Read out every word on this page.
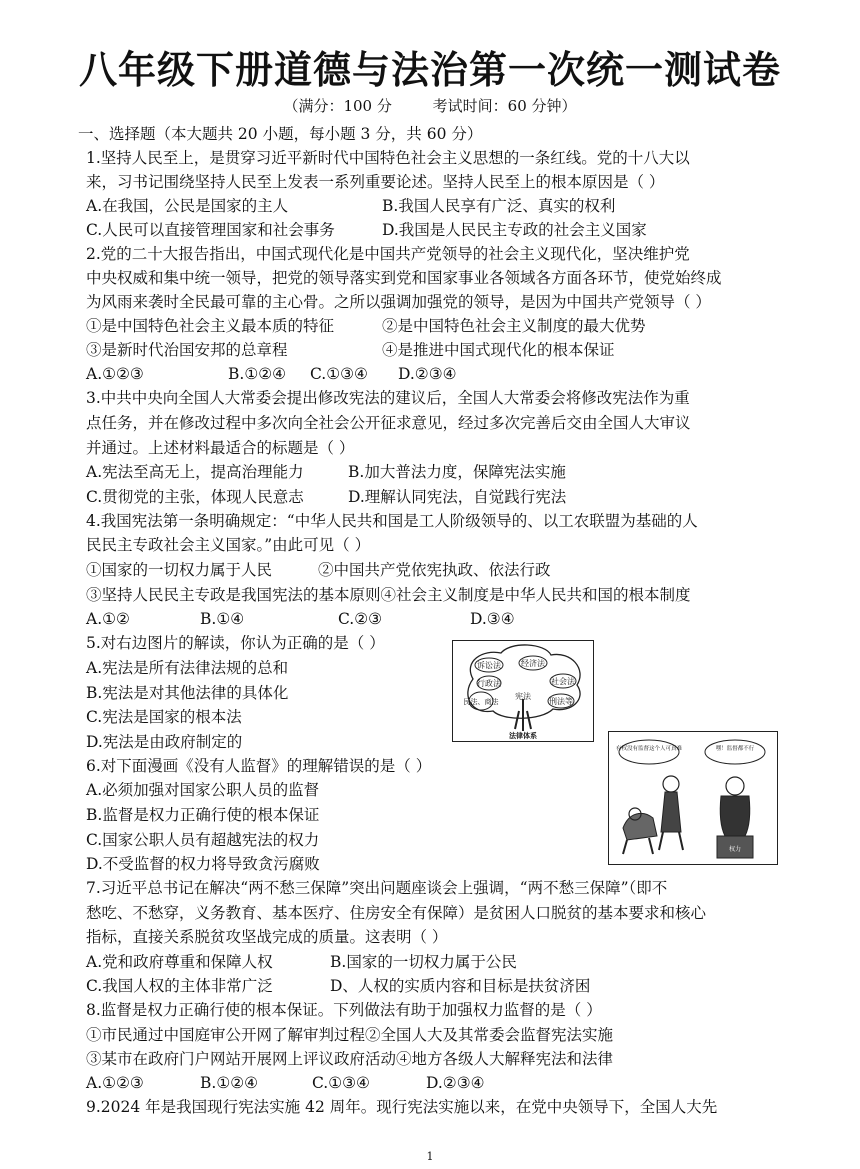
八年级下册道德与法治第一次统一测试卷
（满分：100 分	考试时间：60 分钟）
一、选择题（本大题共 20 小题，每小题 3 分，共 60 分）
1.坚持人民至上，是贯穿习近平新时代中国特色社会主义思想的一条红线。党的十八大以
来，习书记围绕坚持人民至上发表一系列重要论述。坚持人民至上的根本原因是（ ）
A.在我国，公民是国家的主人	B.我国人民享有广泛、真实的权利
C.人民可以直接管理国家和社会事务	D.我国是人民民主专政的社会主义国家
2.党的二十大报告指出，中国式现代化是中国共产党领导的社会主义现代化，坚决维护党
中央权威和集中统一领导，把党的领导落实到党和国家事业各领域各方面各环节，使党始终成
为风雨来袭时全民最可靠的主心骨。之所以强调加强党的领导，是因为中国共产党领导（ ）
①是中国特色社会主义最本质的特征	②是中国特色社会主义制度的最大优势
③是新时代治国安邦的总章程	④是推进中国式现代化的根本保证
A.①②③	B.①②④ C.①③④ D.②③④
3.中共中央向全国人大常委会提出修改宪法的建议后，全国人大常委会将修改宪法作为重
点任务，并在修改过程中多次向全社会公开征求意见，经过多次完善后交由全国人大审议
并通过。上述材料最适合的标题是（ ）
A.宪法至高无上，提高治理能力	B.加大普法力度，保障宪法实施
C.贯彻党的主张，体现人民意志	D.理解认同宪法，自觉践行宪法
4.我国宪法第一条明确规定：“中华人民共和国是工人阶级领导的、以工农联盟为基础的人
民民主专政社会主义国家。”由此可见（ ）
①国家的一切权力属于人民	②中国共产党依宪执政、依法行政
③坚持人民民主专政是我国宪法的基本原则④社会主义制度是中华人民共和国的根本制度
A.①②	B.①④	C.②③	D.③④
5.对右边图片的解读，你认为正确的是（ ）
A.宪法是所有法律法规的总和
B.宪法是对其他法律的具体化
C.宪法是国家的根本法
D.宪法是由政府制定的
诉讼法	经济法
行政法	社会法
民法、商法
宪法
刑法等
法律体系
6.对下面漫画《没有人监督》的理解错误的是（ ）
A.必须加强对国家公职人员的监督
B.监督是权力正确行使的根本保证
C.国家公职人员有超越宪法的权力
D.不受监督的权力将导致贪污腐败
有权没有监督这个人可真难	嘿！监督都不行
权力
7.习近平总书记在解决“两不愁三保障”突出问题座谈会上强调，“两不愁三保障”（即不
愁吃、不愁穿，义务教育、基本医疗、住房安全有保障）是贫困人口脱贫的基本要求和核心
指标，直接关系脱贫攻坚战完成的质量。这表明（ ）
A.党和政府尊重和保障人权	B.国家的一切权力属于公民
C.我国人权的主体非常广泛	D、人权的实质内容和目标是扶贫济困
8.监督是权力正确行使的根本保证。下列做法有助于加强权力监督的是（ ）
①市民通过中国庭审公开网了解审判过程②全国人大及其常委会监督宪法实施
③某市在政府门户网站开展网上评议政府活动④地方各级人大解释宪法和法律
A.①②③	B.①②④	C.①③④	D.②③④
9.2024 年是我国现行宪法实施 42 周年。现行宪法实施以来，在党中央领导下，全国人大先
1
